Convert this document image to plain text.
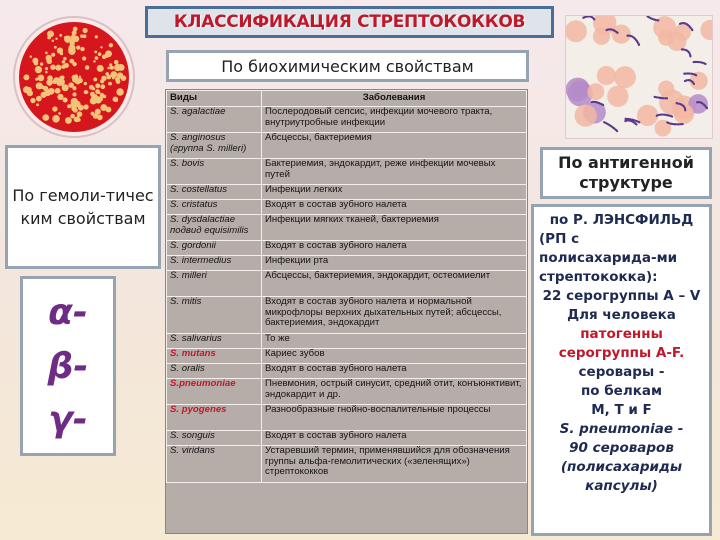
КЛАССИФИКАЦИЯ СТРЕПТОКОККОВ
По биохимическим свойствам
По гемоли-тичес ким свойствам
α-
β-
γ-
По антигенной структуре
по Р. ЛЭНСФИЛЬД
(РП с
полисахарида-ми
стрептококка):
22 серогруппы А – V
Для человека
патогенны
серогруппы А-F.
серовары -
по белкам
М, Т и F
S. pneumoniae -
90 сероваров
(полисахариды
капсулы)
Виды	Заболевания
S. agalactiae	Послеродовый сепсис, инфекции мочевого тракта, внутриутробные инфекции
S. anginosus (группа S. milleri)	Абсцессы, бактериемия
S. bovis	Бактериемия, эндокардит, реже инфекции мочевых путей
S. costellatus	Инфекции легких
S. cristatus	Входят в состав зубного налета
S. dysdalactiae подвид equisimilis	Инфекции мягких тканей, бактериемия
S. gordonii	Входят в состав зубного налета
S. intermedius	Инфекции рта
S. milleri	Абсцессы, бактериемия, эндокардит, остеомиелит
S. mitis	Входят в состав зубного налета и нормальной микрофлоры верхних дыхательных путей; абсцессы, бактериемия, эндокардит
S. salivarius	То же
S. mutans	Кариес зубов
S. oralis	Входят в состав зубного налета
S.pneumoniae	Пневмония, острый синусит, средний отит, конъюнктивит, эндокардит и др.
S. pyogenes	Разнообразные гнойно-воспалительные процессы
S. songuis	Входят в состав зубного налета
S. viridans	Устаревший термин, применявшийся для обозначения группы альфа-гемолитических («зеленящих») стрептококков
